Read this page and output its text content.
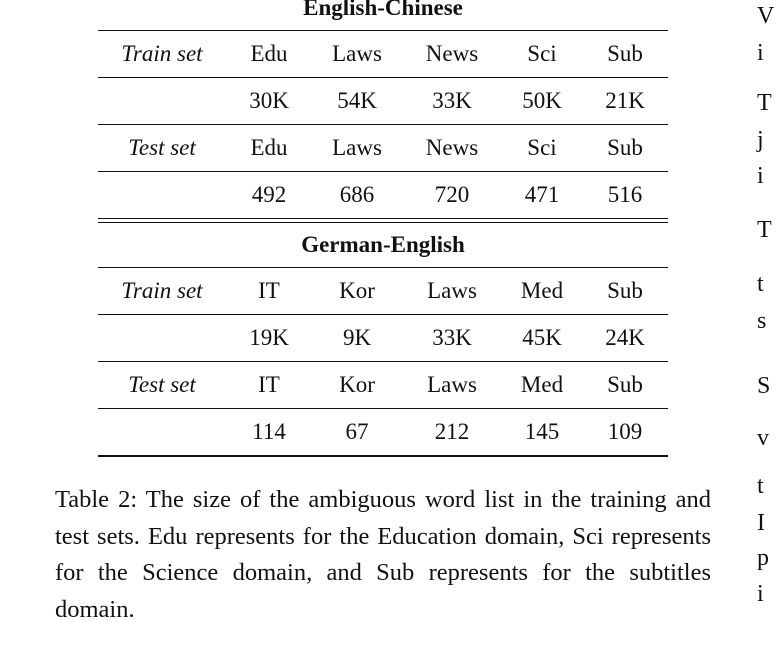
English-Chinese
Train set	Edu	Laws	News	Sci	Sub
	30K	54K	33K	50K	21K
Test set	Edu	Laws	News	Sci	Sub
	492	686	720	471	516
German-English
Train set	IT	Kor	Laws	Med	Sub
	19K	9K	33K	45K	24K
Test set	IT	Kor	Laws	Med	Sub
	114	67	212	145	109
Table 2: The size of the ambiguous word list in the training and test sets. Edu represents for the Education domain, Sci represents for the Science domain, and Sub represents for the subtitles domain.
V
i
T
j
i
T
t
s
S
v
t
I
p
i
